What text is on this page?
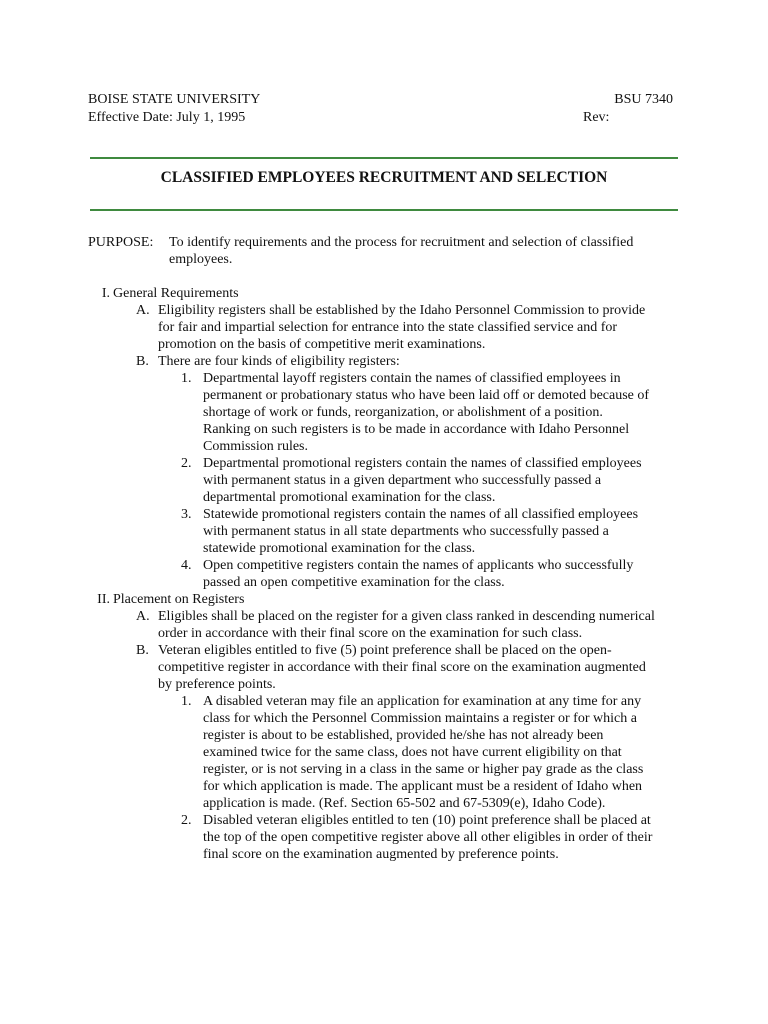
BOISE STATE UNIVERSITY
Effective Date: July 1, 1995
BSU 7340
Rev:
CLASSIFIED EMPLOYEES RECRUITMENT AND SELECTION
PURPOSE: To identify requirements and the process for recruitment and selection of classified employees.
I. General Requirements
A. Eligibility registers shall be established by the Idaho Personnel Commission to provide for fair and impartial selection for entrance into the state classified service and for promotion on the basis of competitive merit examinations.
B. There are four kinds of eligibility registers:
1. Departmental layoff registers contain the names of classified employees in permanent or probationary status who have been laid off or demoted because of shortage of work or funds, reorganization, or abolishment of a position. Ranking on such registers is to be made in accordance with Idaho Personnel Commission rules.
2. Departmental promotional registers contain the names of classified employees with permanent status in a given department who successfully passed a departmental promotional examination for the class.
3. Statewide promotional registers contain the names of all classified employees with permanent status in all state departments who successfully passed a statewide promotional examination for the class.
4. Open competitive registers contain the names of applicants who successfully passed an open competitive examination for the class.
II. Placement on Registers
A. Eligibles shall be placed on the register for a given class ranked in descending numerical order in accordance with their final score on the examination for such class.
B. Veteran eligibles entitled to five (5) point preference shall be placed on the open-competitive register in accordance with their final score on the examination augmented by preference points.
1. A disabled veteran may file an application for examination at any time for any class for which the Personnel Commission maintains a register or for which a register is about to be established, provided he/she has not already been examined twice for the same class, does not have current eligibility on that register, or is not serving in a class in the same or higher pay grade as the class for which application is made. The applicant must be a resident of Idaho when application is made. (Ref. Section 65-502 and 67-5309(e), Idaho Code).
2. Disabled veteran eligibles entitled to ten (10) point preference shall be placed at the top of the open competitive register above all other eligibles in order of their final score on the examination augmented by preference points.
